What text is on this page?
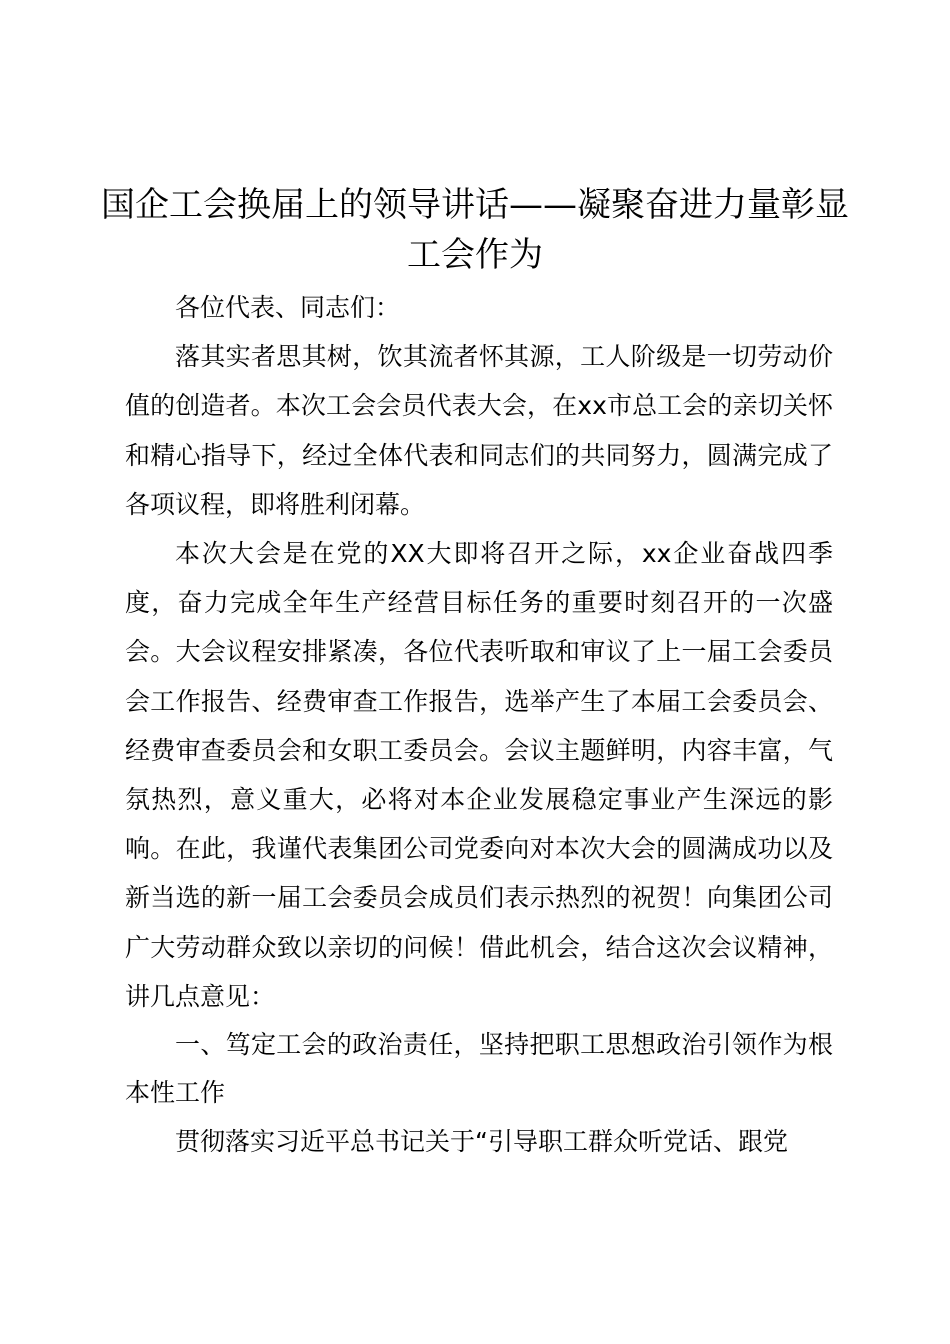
国企工会换届上的领导讲话——凝聚奋进力量彰显工会作为

各位代表、同志们：

落其实者思其树，饮其流者怀其源，工人阶级是一切劳动价值的创造者。本次工会会员代表大会，在xx市总工会的亲切关怀和精心指导下，经过全体代表和同志们的共同努力，圆满完成了各项议程，即将胜利闭幕。

本次大会是在党的XX大即将召开之际，xx企业奋战四季度，奋力完成全年生产经营目标任务的重要时刻召开的一次盛会。大会议程安排紧凑，各位代表听取和审议了上一届工会委员会工作报告、经费审查工作报告，选举产生了本届工会委员会、经费审查委员会和女职工委员会。会议主题鲜明，内容丰富，气氛热烈，意义重大，必将对本企业发展稳定事业产生深远的影响。在此，我谨代表集团公司党委向对本次大会的圆满成功以及新当选的新一届工会委员会成员们表示热烈的祝贺！向集团公司广大劳动群众致以亲切的问候！借此机会，结合这次会议精神，讲几点意见：

一、笃定工会的政治责任，坚持把职工思想政治引领作为根本性工作

贯彻落实习近平总书记关于“引导职工群众听党话、跟党
